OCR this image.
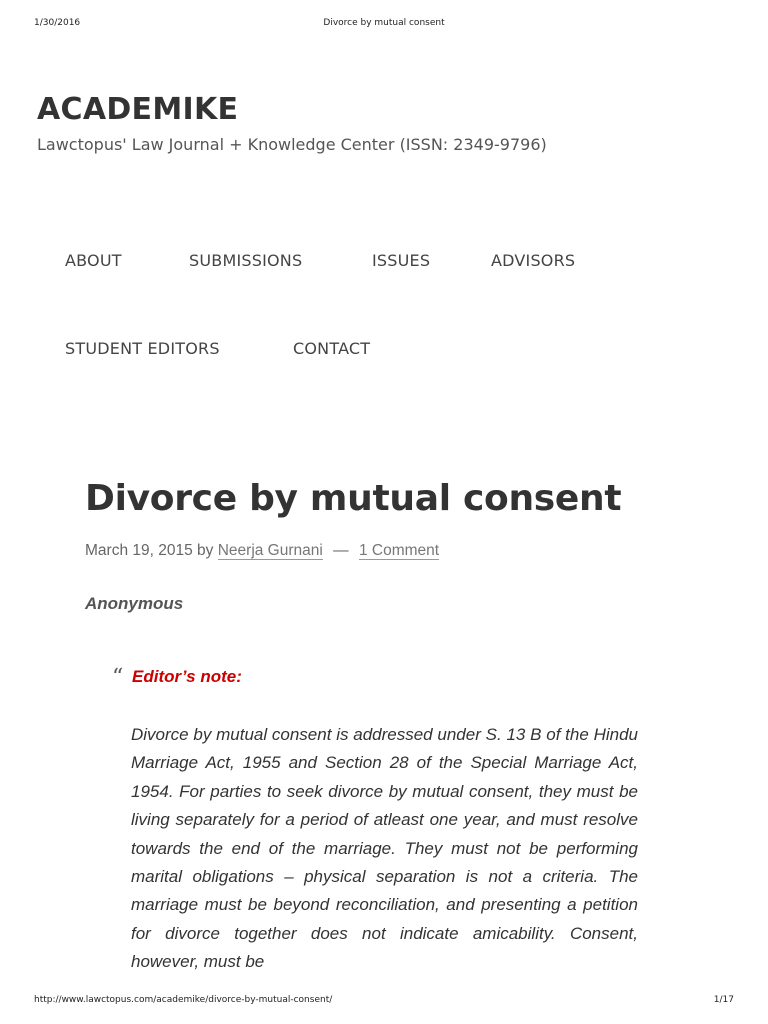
1/30/2016	Divorce by mutual consent
ACADEMIKE
Lawctopus' Law Journal + Knowledge Center (ISSN: 2349-9796)
ABOUT	SUBMISSIONS	ISSUES	ADVISORS
STUDENT EDITORS	CONTACT
Divorce by mutual consent
March 19, 2015 by Neerja Gurnani — 1 Comment
Anonymous
“ Editor’s note:

Divorce by mutual consent is addressed under S. 13 B of the Hindu Marriage Act, 1955 and Section 28 of the Special Marriage Act, 1954. For parties to seek divorce by mutual consent, they must be living separately for a period of atleast one year, and must resolve towards the end of the marriage. They must not be performing marital obligations – physical separation is not a criteria. The marriage must be beyond reconciliation, and presenting a petition for divorce together does not indicate amicability. Consent, however, must be

http://www.lawctopus.com/academike/divorce-by-mutual-consent/	1/17
